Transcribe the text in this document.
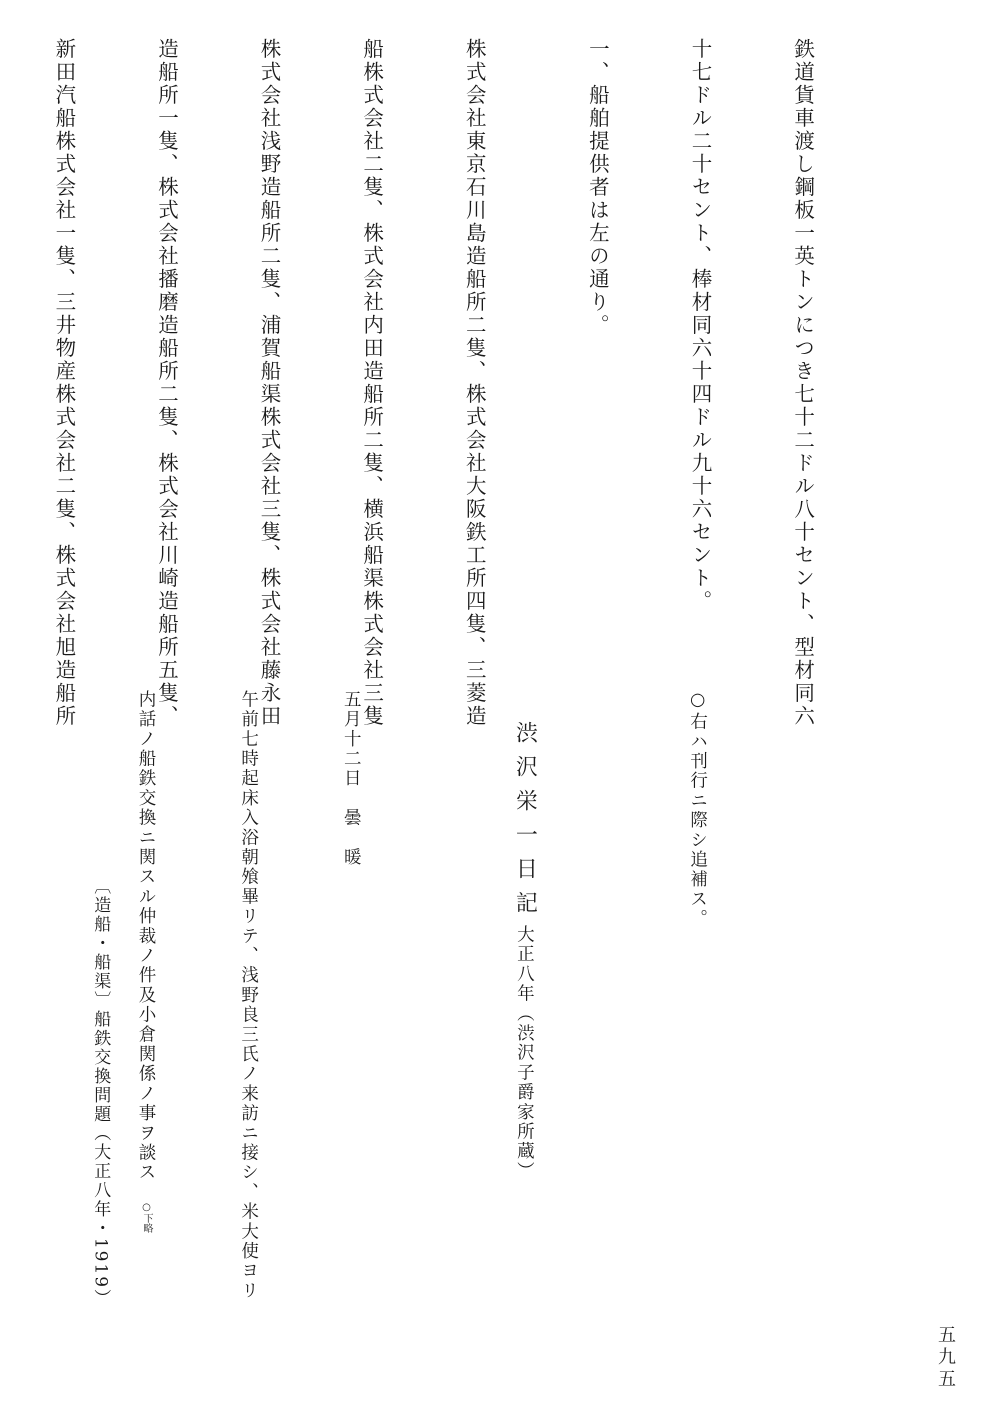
鉄道貨車渡し鋼板一英トンにつき七十二ドル八十セント、型材同六

十七ドル二十セント、棒材同六十四ドル九十六セント。

一、船舶提供者は左の通り。

株式会社東京石川島造船所二隻、株式会社大阪鉄工所四隻、三菱造

船株式会社二隻、株式会社内田造船所二隻、横浜船渠株式会社三隻

株式会社浅野造船所二隻、浦賀船渠株式会社三隻、株式会社藤永田

造船所一隻、株式会社播磨造船所二隻、株式会社川崎造船所五隻、

新田汽船株式会社一隻、三井物産株式会社二隻、株式会社旭造船所

○右ハ刊行ニ際シ追補ス。

渋沢栄一日記大正八年（渋沢子爵家所蔵）

五月十二日　曇　暖

午前七時起床入浴朝飧畢リテ、浅野良三氏ノ来訪ニ接シ、米大使ヨリ

内話ノ船鉄交換ニ関スル仲裁ノ件及小倉関係ノ事ヲ談ス　○下略

〔造船・船渠〕船鉄交換問題（大正八年・1919）

五九五
